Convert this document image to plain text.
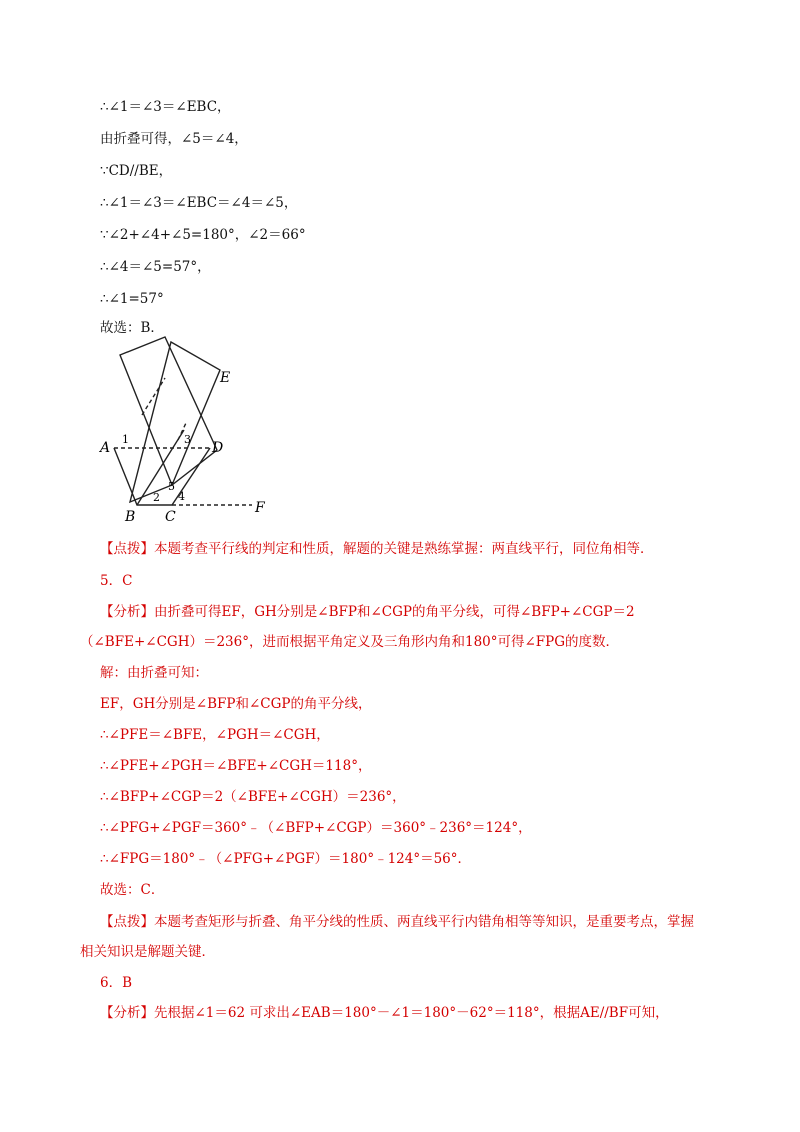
∴∠1＝∠3＝∠EBC，
由折叠可得，∠5＝∠4，
∵CD//BE，
∴∠1＝∠3＝∠EBC＝∠4＝∠5，
∵∠2+∠4+∠5=180°，∠2＝66°
∴∠4＝∠5=57°，
∴∠1=57°
故选：B．
E
A	D
F
B C
1
2
3
4
5
【点拨】本题考查平行线的判定和性质，解题的关键是熟练掌握：两直线平行，同位角相等．
5．C
【分析】由折叠可得EF，GH分别是∠BFP和∠CGP的角平分线，可得∠BFP+∠CGP＝2
（∠BFE+∠CGH）＝236°，进而根据平角定义及三角形内角和180°可得∠FPG的度数．
解：由折叠可知：
EF，GH分别是∠BFP和∠CGP的角平分线，
∴∠PFE＝∠BFE，∠PGH＝∠CGH，
∴∠PFE+∠PGH＝∠BFE+∠CGH＝118°，
∴∠BFP+∠CGP＝2（∠BFE+∠CGH）＝236°，
∴∠PFG+∠PGF＝360°﹣（∠BFP+∠CGP）＝360°﹣236°＝124°，
∴∠FPG＝180°﹣（∠PFG+∠PGF）＝180°﹣124°＝56°．
故选：C．
【点拨】本题考查矩形与折叠、角平分线的性质、两直线平行内错角相等等知识，是重要考点，掌握
相关知识是解题关键．
6．B
【分析】先根据∠1＝62 可求出∠EAB＝180°－∠1＝180°－62°＝118°，根据AE//BF可知，
